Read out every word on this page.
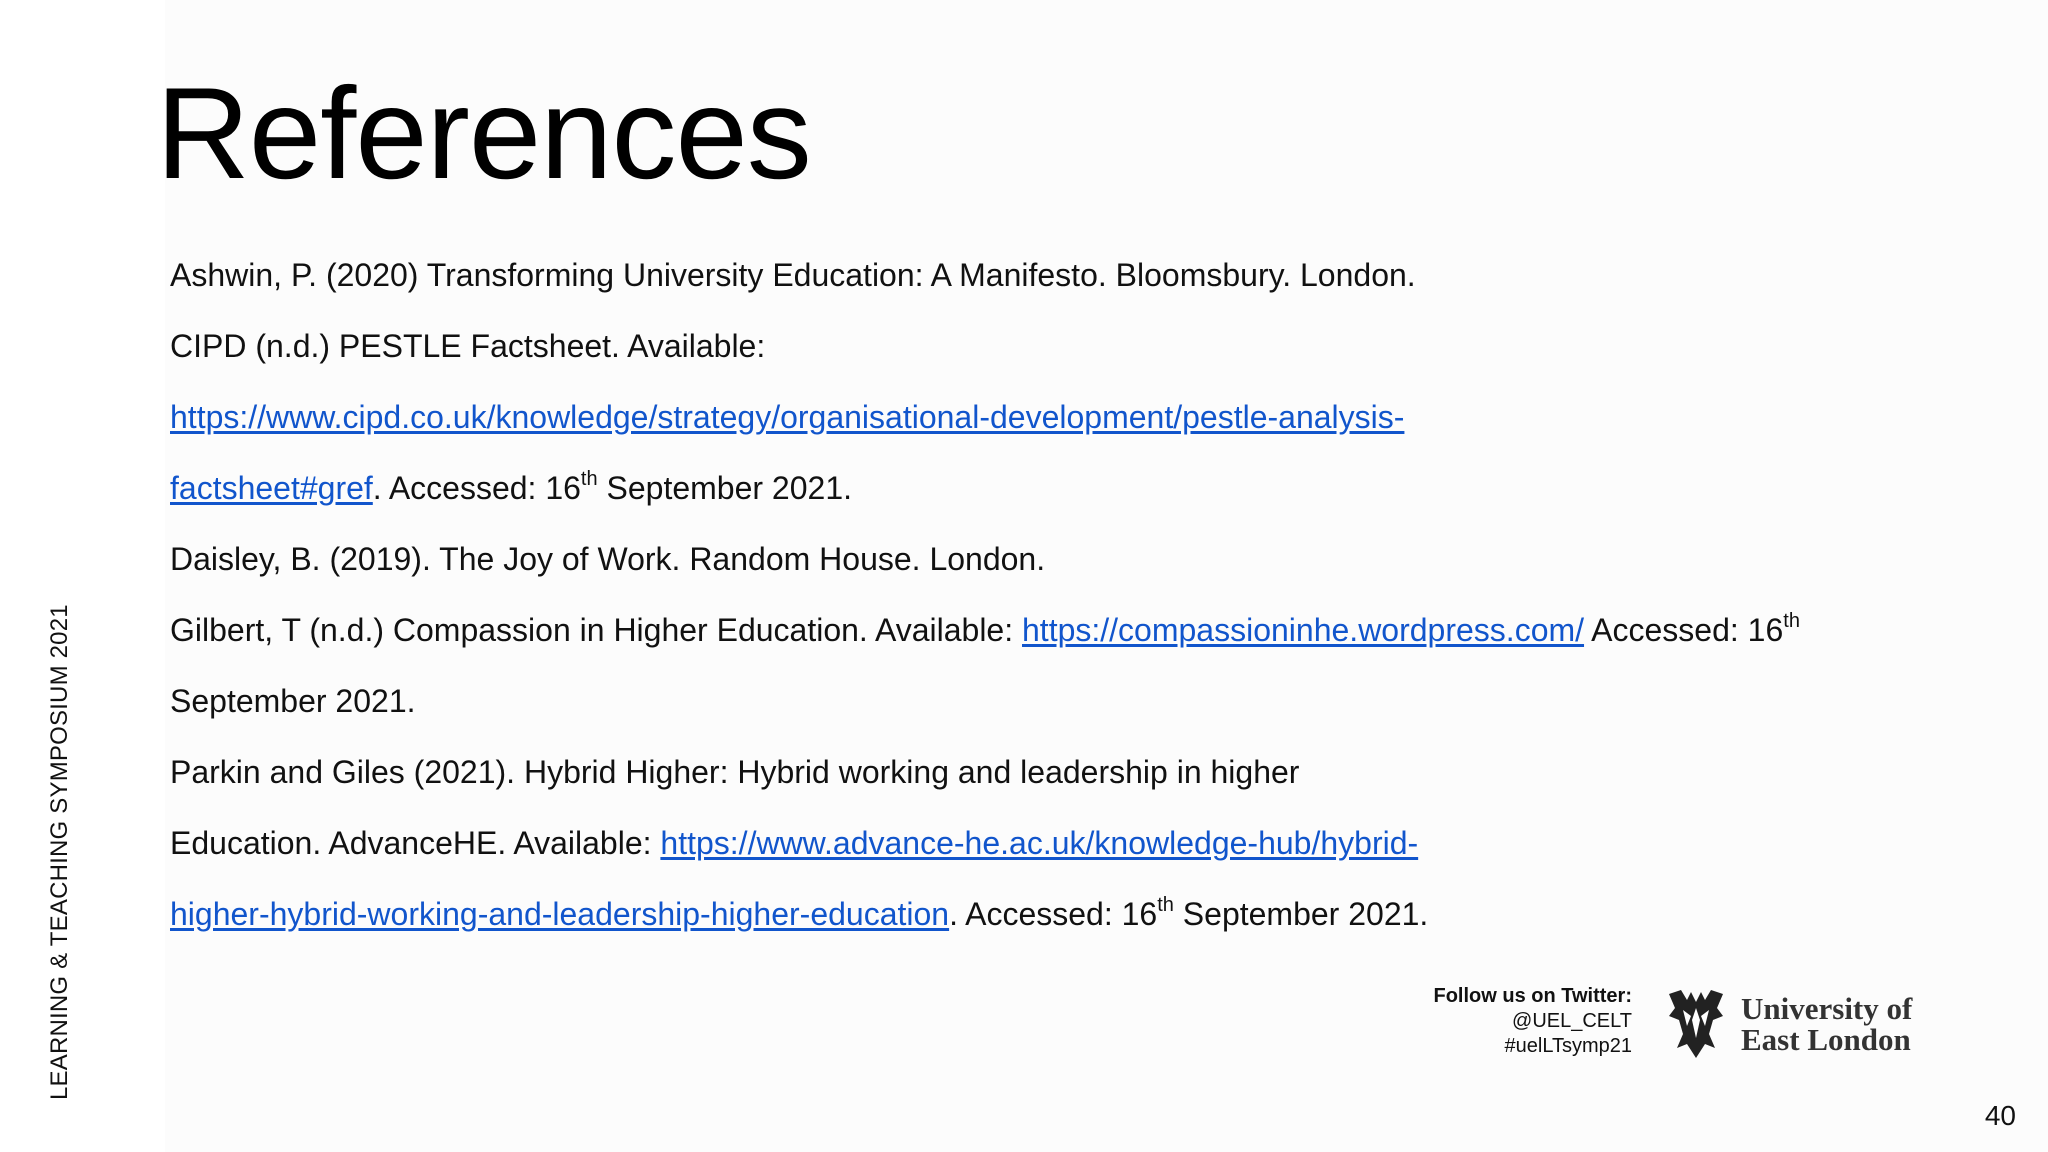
LEARNING & TEACHING SYMPOSIUM 2021
References
Ashwin, P. (2020) Transforming University Education: A Manifesto. Bloomsbury. London.
CIPD (n.d.) PESTLE Factsheet. Available:
https://www.cipd.co.uk/knowledge/strategy/organisational-development/pestle-analysis-
factsheet#gref. Accessed: 16th September 2021.
Daisley, B. (2019). The Joy of Work. Random House. London.
Gilbert, T (n.d.) Compassion in Higher Education. Available: https://compassioninhe.wordpress.com/ Accessed: 16th
September 2021.
Parkin and Giles (2021). Hybrid Higher: Hybrid working and leadership in higher
Education. AdvanceHE. Available: https://www.advance-he.ac.uk/knowledge-hub/hybrid-
higher-hybrid-working-and-leadership-higher-education. Accessed: 16th September 2021.
Follow us on Twitter:
@UEL_CELT
#uelLTsymp21
University of
East London
40
